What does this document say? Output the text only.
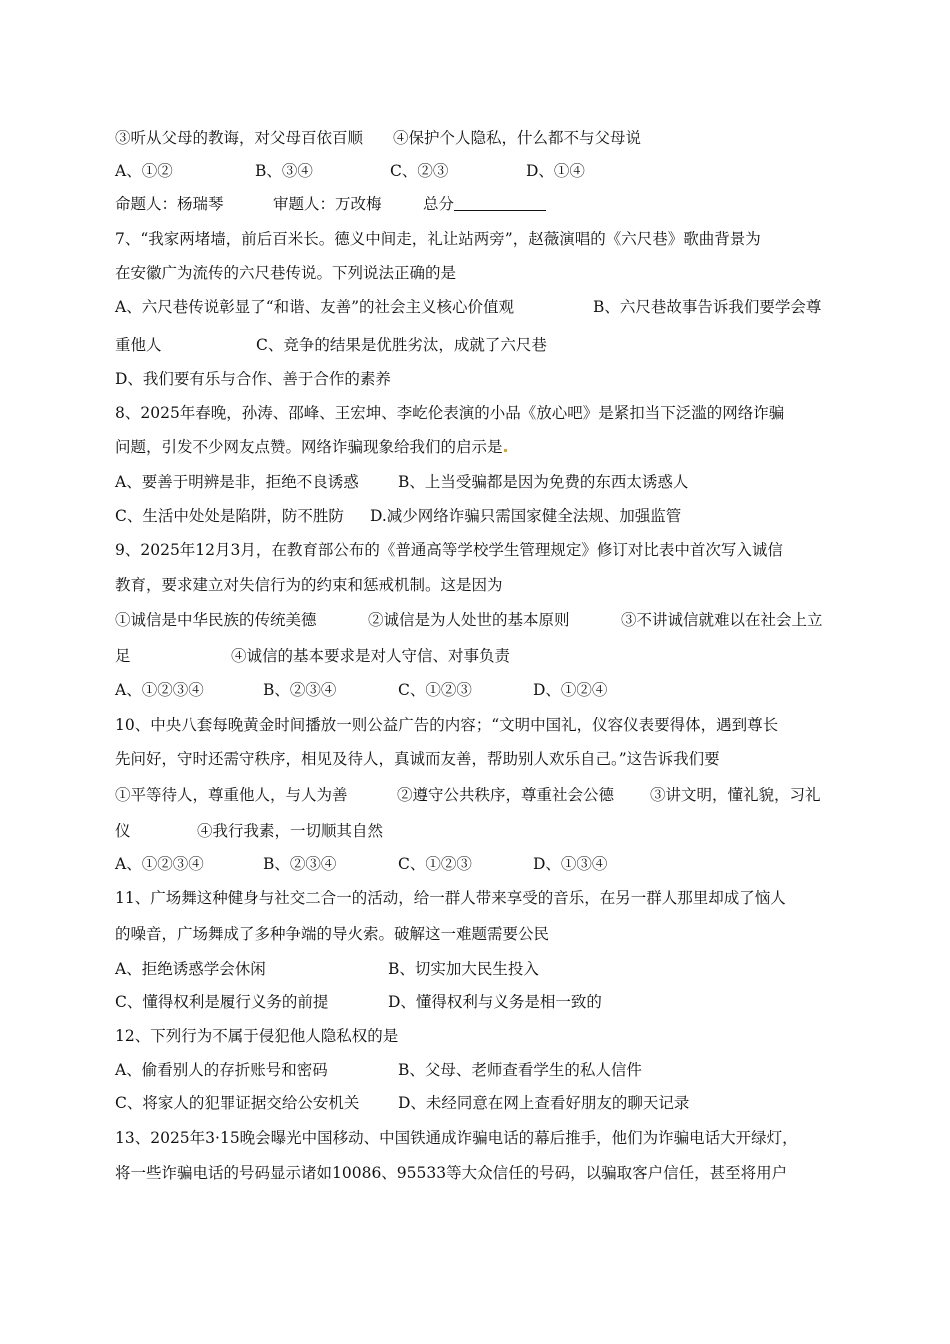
③听从父母的教诲，对父母百依百顺 ④保护个人隐私，什么都不与父母说
A、①②	B、③④	C、②③	D、①④
命题人：杨瑞琴	审题人：万改梅	总分
7、“我家两堵墙，前后百米长。德义中间走，礼让站两旁”，赵薇演唱的《六尺巷》歌曲背景为
在安徽广为流传的六尺巷传说。下列说法正确的是
A、六尺巷传说彰显了“和谐、友善”的社会主义核心价值观	B、六尺巷故事告诉我们要学会尊
重他人	C、竞争的结果是优胜劣汰，成就了六尺巷
D、我们要有乐与合作、善于合作的素养
8、2025年春晚，孙涛、邵峰、王宏坤、李屹伦表演的小品《放心吧》是紧扣当下泛滥的网络诈骗
问题，引发不少网友点赞。网络诈骗现象给我们的启示是
A、要善于明辨是非，拒绝不良诱惑	B、上当受骗都是因为免费的东西太诱惑人
C、生活中处处是陷阱，防不胜防 D.减少网络诈骗只需国家健全法规、加强监管
9、2025年12月3月，在教育部公布的《普通高等学校学生管理规定》修订对比表中首次写入诚信
教育，要求建立对失信行为的约束和惩戒机制。这是因为
①诚信是中华民族的传统美德	②诚信是为人处世的基本原则	③不讲诚信就难以在社会上立
足	④诚信的基本要求是对人守信、对事负责
A、①②③④	B、②③④	C、①②③	D、①②④
10、中央八套每晚黄金时间播放一则公益广告的内容；“文明中国礼，仪容仪表要得体，遇到尊长
先问好，守时还需守秩序，相见及待人，真诚而友善，帮助别人欢乐自己。”这告诉我们要
①平等待人，尊重他人，与人为善	②遵守公共秩序，尊重社会公德 ③讲文明，懂礼貌，习礼
仪	④我行我素，一切顺其自然
A、①②③④	B、②③④	C、①②③	D、①③④
11、广场舞这种健身与社交二合一的活动，给一群人带来享受的音乐，在另一群人那里却成了恼人
的噪音，广场舞成了多种争端的导火索。破解这一难题需要公民
A、拒绝诱惑学会休闲	B、切实加大民生投入
C、懂得权利是履行义务的前提	D、懂得权利与义务是相一致的
12、下列行为不属于侵犯他人隐私权的是
A、偷看别人的存折账号和密码	B、父母、老师查看学生的私人信件
C、将家人的犯罪证据交给公安机关 D、未经同意在网上查看好朋友的聊天记录
13、2025年3·15晚会曝光中国移动、中国铁通成诈骗电话的幕后推手，他们为诈骗电话大开绿灯，
将一些诈骗电话的号码显示诸如10086、95533等大众信任的号码，以骗取客户信任，甚至将用户
